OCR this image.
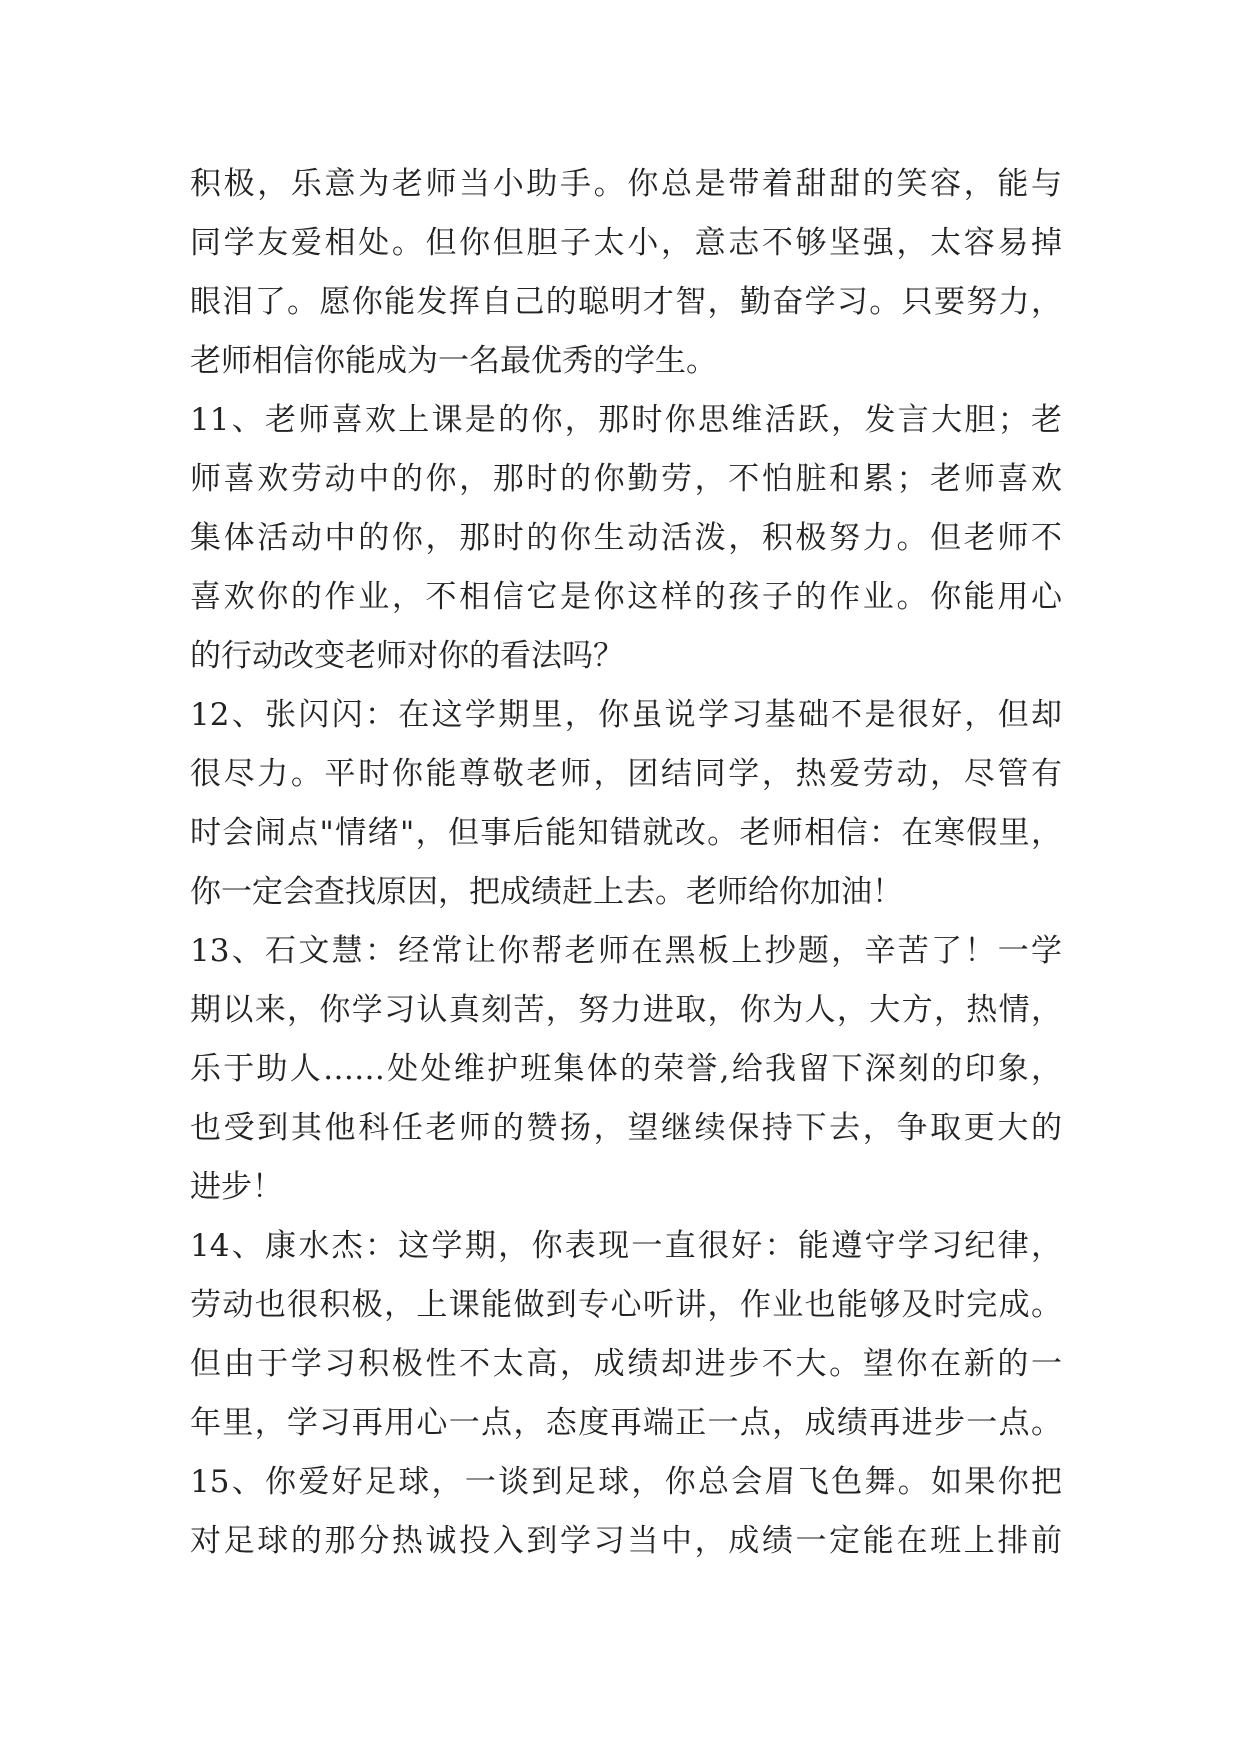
积极，乐意为老师当小助手。你总是带着甜甜的笑容，能与
同学友爱相处。但你但胆子太小，意志不够坚强，太容易掉
眼泪了。愿你能发挥自己的聪明才智，勤奋学习。只要努力，
老师相信你能成为一名最优秀的学生。
11、老师喜欢上课是的你，那时你思维活跃，发言大胆；老
师喜欢劳动中的你，那时的你勤劳，不怕脏和累；老师喜欢
集体活动中的你，那时的你生动活泼，积极努力。但老师不
喜欢你的作业，不相信它是你这样的孩子的作业。你能用心
的行动改变老师对你的看法吗？
12、张闪闪：在这学期里，你虽说学习基础不是很好，但却
很尽力。平时你能尊敬老师，团结同学，热爱劳动，尽管有
时会闹点"情绪"，但事后能知错就改。老师相信：在寒假里，
你一定会查找原因，把成绩赶上去。老师给你加油！
13、石文慧：经常让你帮老师在黑板上抄题，辛苦了！一学
期以来，你学习认真刻苦，努力进取，你为人，大方，热情，
乐于助人……处处维护班集体的荣誉,给我留下深刻的印象，
也受到其他科任老师的赞扬，望继续保持下去，争取更大的
进步！
14、康水杰：这学期，你表现一直很好：能遵守学习纪律，
劳动也很积极，上课能做到专心听讲，作业也能够及时完成。
但由于学习积极性不太高，成绩却进步不大。望你在新的一
年里，学习再用心一点，态度再端正一点，成绩再进步一点。
15、你爱好足球，一谈到足球，你总会眉飞色舞。如果你把
对足球的那分热诚投入到学习当中，成绩一定能在班上排前
